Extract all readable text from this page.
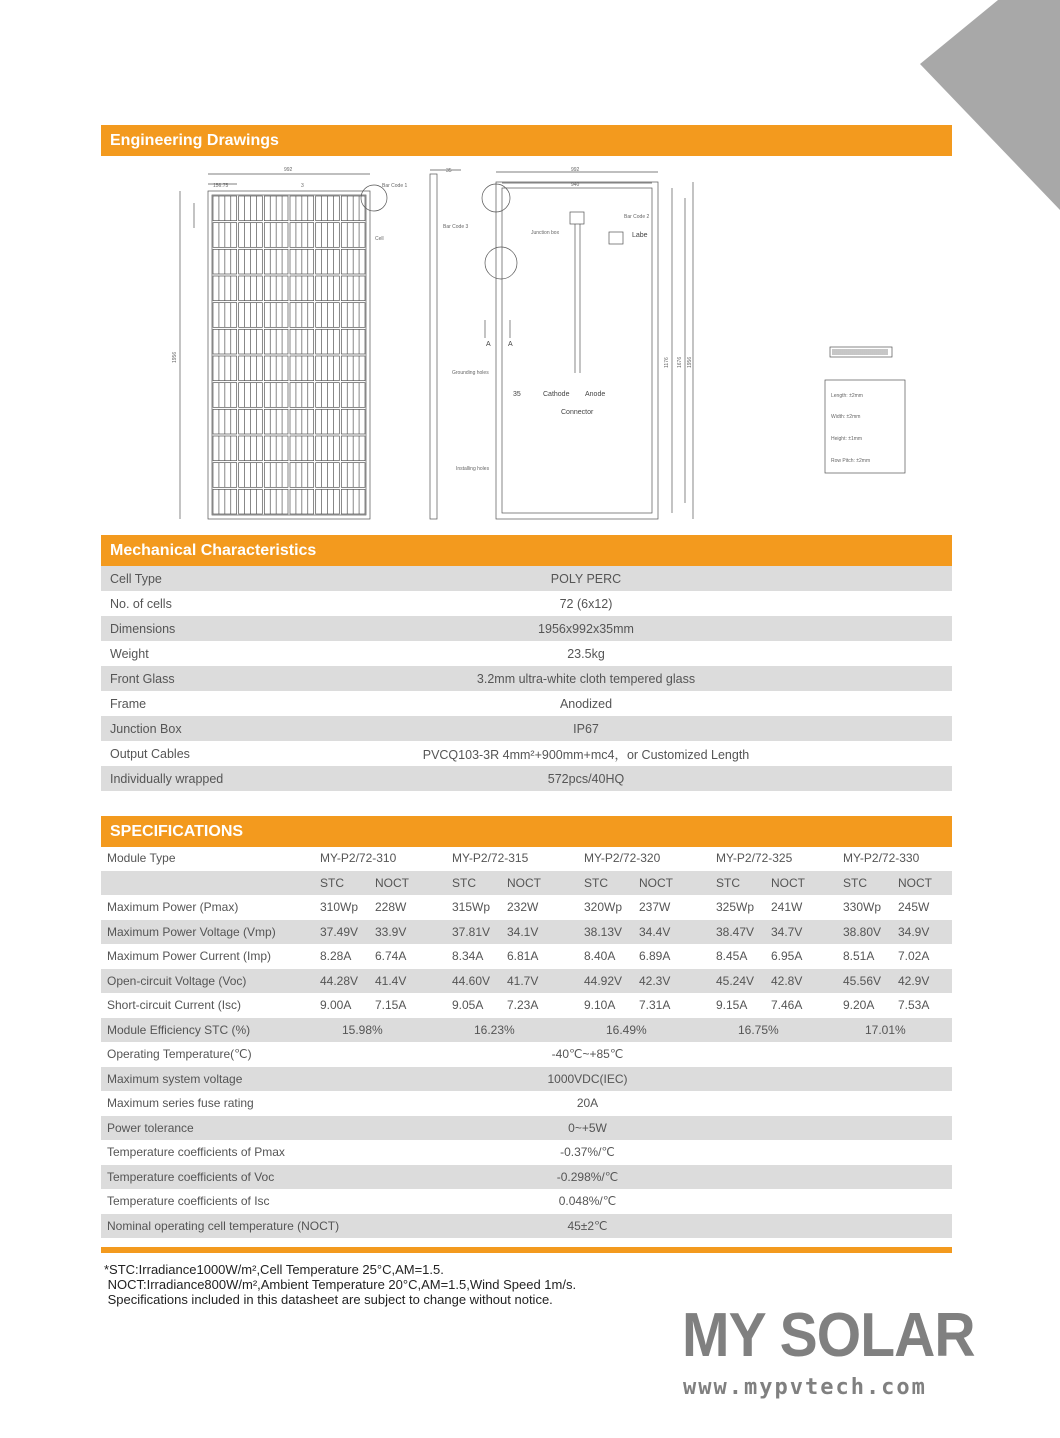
Engineering Drawings
992
156.75	3
1956
35	992
940
1176 1676 1956
Bar Code 1
Bar Code 3
Cell
Bar Code 2
Junction box	Labe
Grounding holes
Installing holes
35
A A
Cathode Anode
Connector
Length: ±2mm
Width: ±2mm
Height: ±1mm
Row Pitch: ±2mm
Mechanical Characteristics
Cell Type	POLY PERC
No. of cells	72 (6x12)
Dimensions	1956x992x35mm
Weight	23.5kg
Front Glass	3.2mm ultra-white cloth tempered glass
Frame	Anodized
Junction Box	IP67
Output Cables	PVCQ103-3R 4mm²+900mm+mc4，or Customized Length
Individually wrapped	572pcs/40HQ
SPECIFICATIONS
Module Type	MY-P2/72-310	MY-P2/72-315	MY-P2/72-320	MY-P2/72-325	MY-P2/72-330
STC	NOCT	STC	NOCT	STC	NOCT	STC	NOCT	STC	NOCT
Maximum Power (Pmax)	310Wp 228W	315Wp 232W	320Wp 237W	325Wp 241W	330Wp 245W
Maximum Power Voltage (Vmp)	37.49V 33.9V	37.81V 34.1V	38.13V 34.4V	38.47V 34.7V	38.80V 34.9V
Maximum Power Current (Imp)	8.28A 6.74A	8.34A 6.81A	8.40A 6.89A	8.45A 6.95A	8.51A 7.02A
Open-circuit Voltage (Voc)	44.28V 41.4V	44.60V 41.7V	44.92V 42.3V	45.24V 42.8V	45.56V 42.9V
Short-circuit Current (Isc)	9.00A 7.15A	9.05A 7.23A	9.10A 7.31A	9.15A 7.46A	9.20A 7.53A
Module Efficiency STC (%)	15.98%	16.23%	16.49%	16.75%	17.01%
Operating Temperature(℃)	-40℃~+85℃
Maximum system voltage	1000VDC(IEC)
Maximum series fuse rating	20A
Power tolerance	0~+5W
Temperature coefficients of Pmax	-0.37%/℃
Temperature coefficients of Voc	-0.298%/℃
Temperature coefficients of Isc	0.048%/℃
Nominal operating cell temperature (NOCT)	45±2℃
*STC:Irradiance1000W/m²,Cell Temperature 25°C,AM=1.5.
NOCT:Irradiance800W/m²,Ambient Temperature 20°C,AM=1.5,Wind Speed 1m/s.
Specifications included in this datasheet are subject to change without notice.
MY SOLAR
www.mypvtech.com
